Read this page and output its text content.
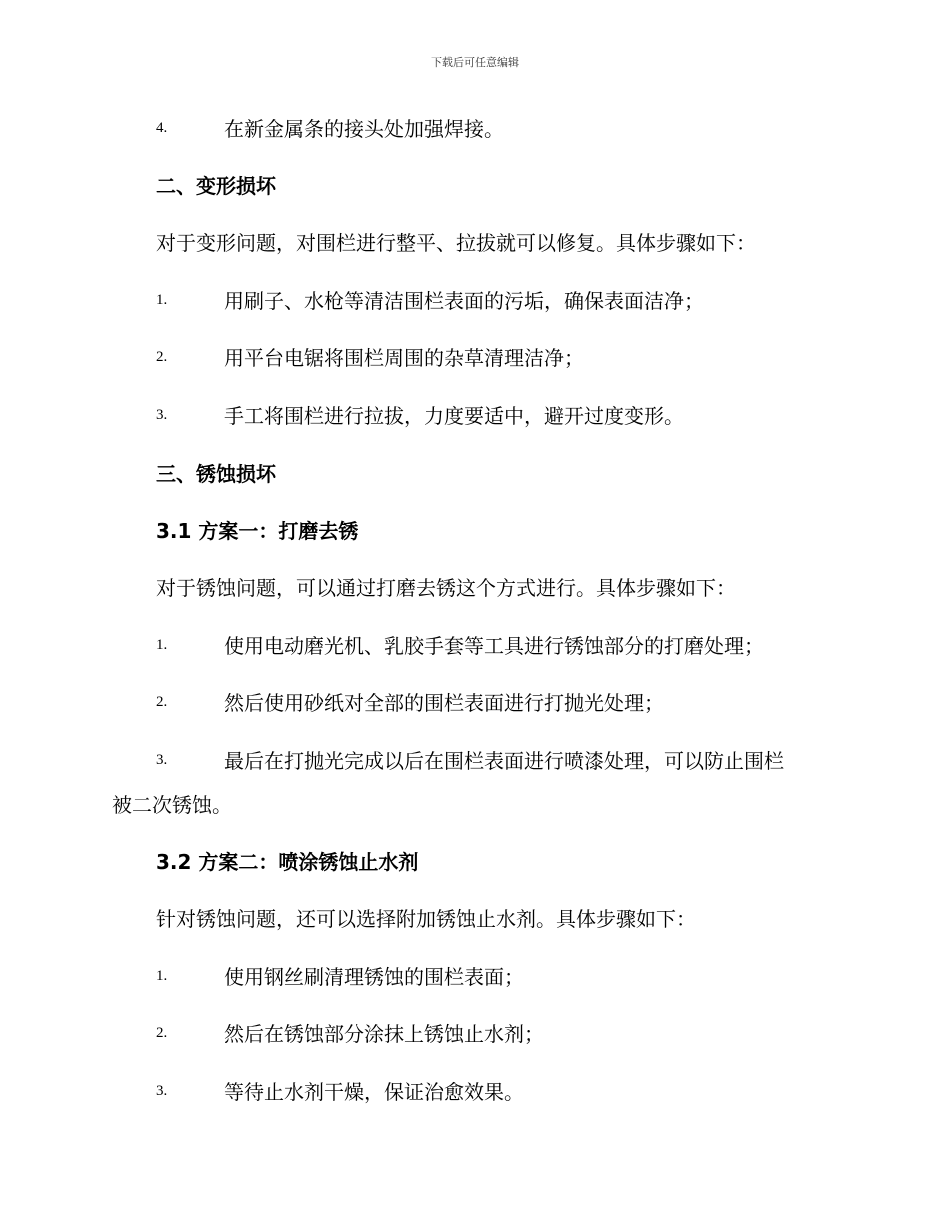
下载后可任意编辑
4.	在新金属条的接头处加强焊接。
二、变形损坏
对于变形问题，对围栏进行整平、拉拔就可以修复。具体步骤如下：
1.	用刷子、水枪等清洁围栏表面的污垢，确保表面洁净；
2.	用平台电锯将围栏周围的杂草清理洁净；
3.	手工将围栏进行拉拔，力度要适中，避开过度变形。
三、锈蚀损坏
3.1 方案一：打磨去锈
对于锈蚀问题，可以通过打磨去锈这个方式进行。具体步骤如下：
1.	使用电动磨光机、乳胶手套等工具进行锈蚀部分的打磨处理；
2.	然后使用砂纸对全部的围栏表面进行打抛光处理；
3.	最后在打抛光完成以后在围栏表面进行喷漆处理，可以防止围栏
被二次锈蚀。
3.2 方案二：喷涂锈蚀止水剂
针对锈蚀问题，还可以选择附加锈蚀止水剂。具体步骤如下：
1.	使用钢丝刷清理锈蚀的围栏表面；
2.	然后在锈蚀部分涂抹上锈蚀止水剂；
3.	等待止水剂干燥，保证治愈效果。
